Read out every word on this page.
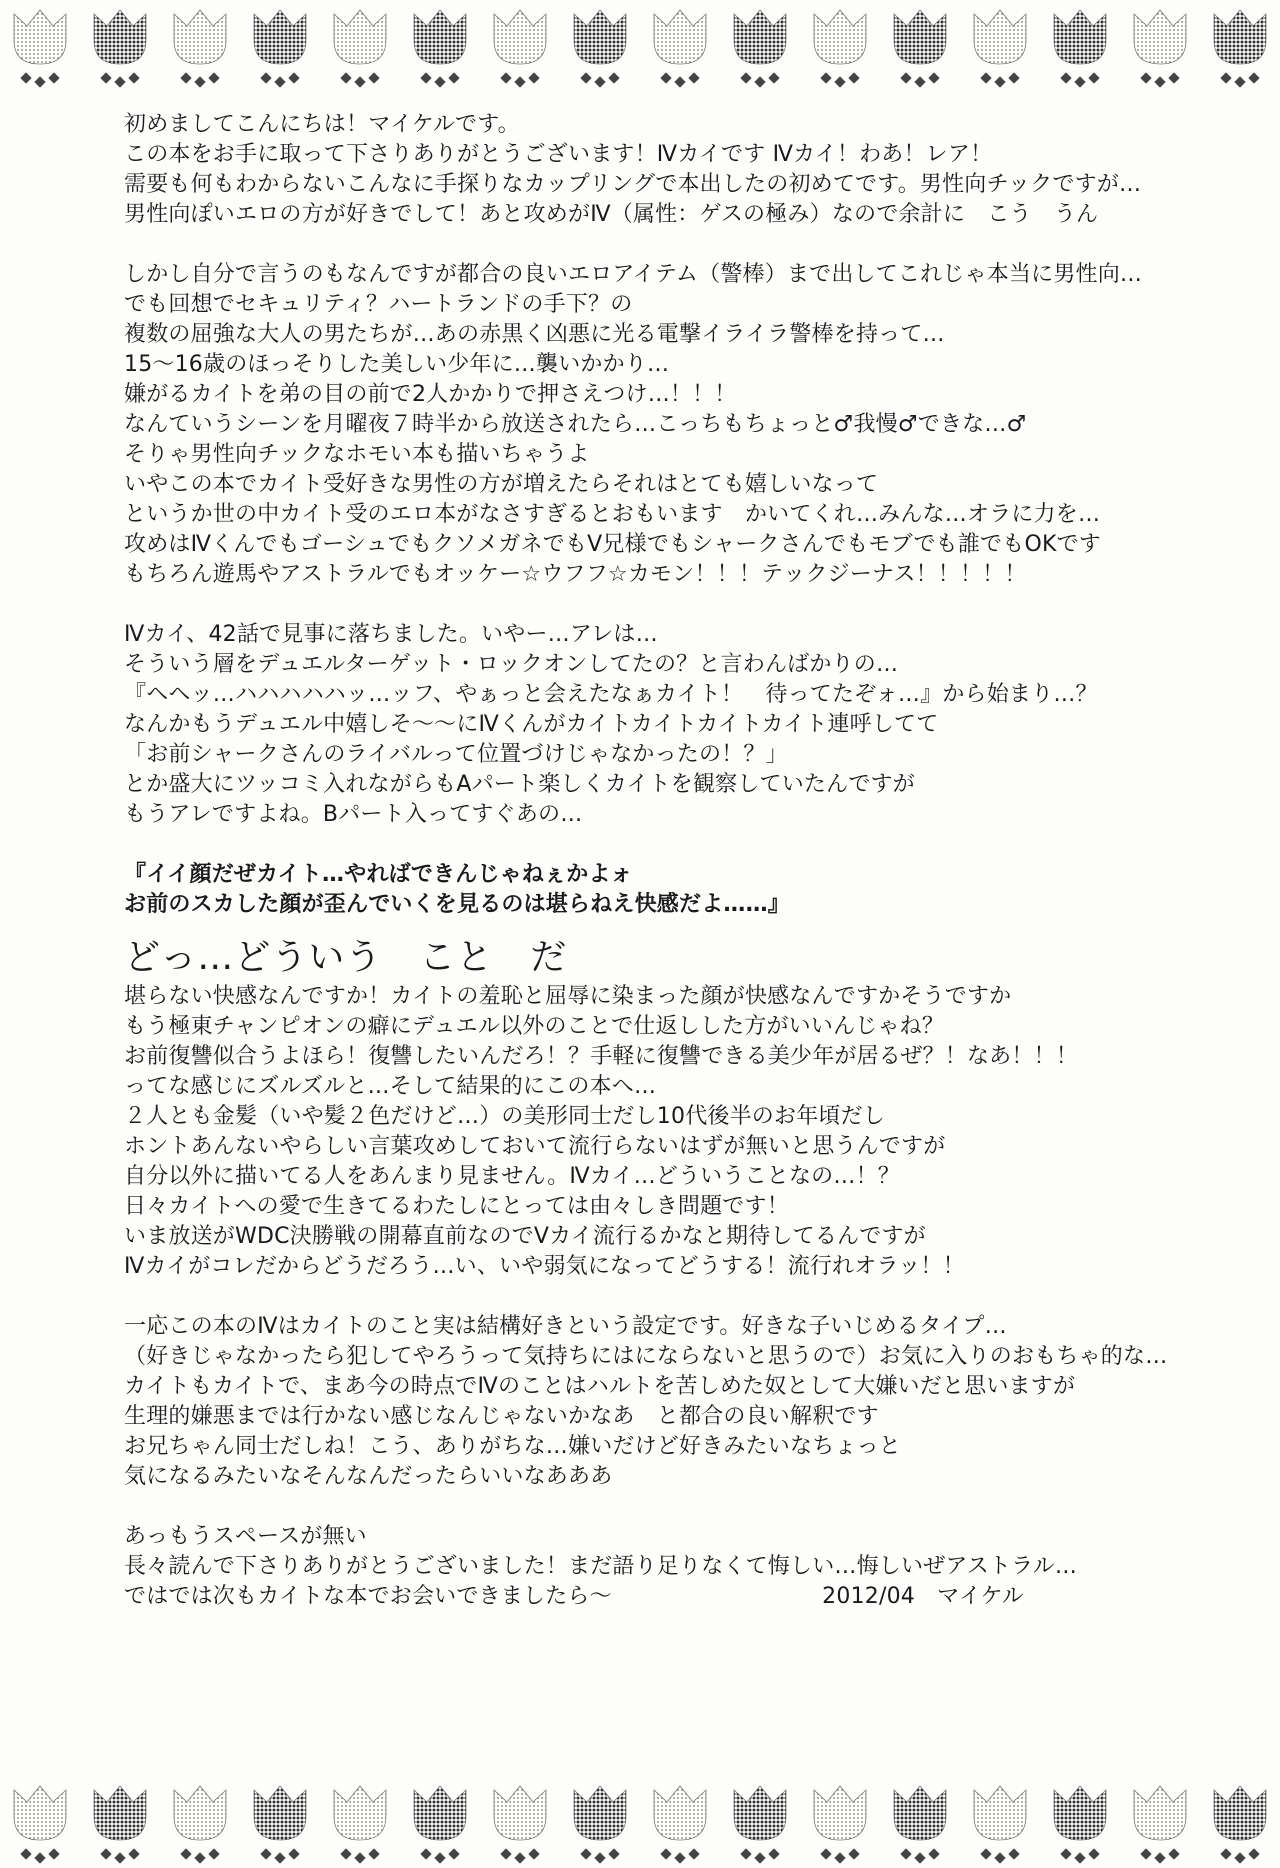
初めましてこんにちは！マイケルです。
この本をお手に取って下さりありがとうございます！Ⅳカイです Ⅳカイ！わあ！レア！
需要も何もわからないこんなに手探りなカップリングで本出したの初めてです。男性向チックですが…
男性向ぽいエロの方が好きでして！あと攻めがⅣ（属性：ゲスの極み）なので余計に　こう　うん
しかし自分で言うのもなんですが都合の良いエロアイテム（警棒）まで出してこれじゃ本当に男性向…
でも回想でセキュリティ？ハートランドの手下？の
複数の屈強な大人の男たちが…あの赤黒く凶悪に光る電撃イライラ警棒を持って…
15～16歳のほっそりした美しい少年に…襲いかかり…
嫌がるカイトを弟の目の前で2人かかりで押さえつけ…！！！
なんていうシーンを月曜夜７時半から放送されたら…こっちもちょっと♂我慢♂できな…♂
そりゃ男性向チックなホモい本も描いちゃうよ
いやこの本でカイト受好きな男性の方が増えたらそれはとても嬉しいなって
というか世の中カイト受のエロ本がなさすぎるとおもいます　かいてくれ…みんな…オラに力を…
攻めはⅣくんでもゴーシュでもクソメガネでもV兄様でもシャークさんでもモブでも誰でもOKです
もちろん遊馬やアストラルでもオッケー☆ウフフ☆カモン！！！テックジーナス！！！！！
Ⅳカイ、42話で見事に落ちました。いやー…アレは…
そういう層をデュエルターゲット・ロックオンしてたの？と言わんばかりの…
『ヘヘッ…ハハハハハッ…ッフ、やぁっと会えたなぁカイト！　待ってたぞォ…』から始まり…？
なんかもうデュエル中嬉しそ～～にⅣくんがカイトカイトカイトカイト連呼してて
「お前シャークさんのライバルって位置づけじゃなかったの！？」
とか盛大にツッコミ入れながらもAパート楽しくカイトを観察していたんですが
もうアレですよね。Bパート入ってすぐあの…
『イイ顔だぜカイト…やればできんじゃねぇかよォ
お前のスカした顔が歪んでいくを見るのは堪らねえ快感だよ……』
どっ…どういう　こと　だ
堪らない快感なんですか！カイトの羞恥と屈辱に染まった顔が快感なんですかそうですか
もう極東チャンピオンの癖にデュエル以外のことで仕返しした方がいいんじゃね？
お前復讐似合うよほら！復讐したいんだろ！？手軽に復讐できる美少年が居るぜ？！なあ！！！
ってな感じにズルズルと…そして結果的にこの本へ…
２人とも金髪（いや髪２色だけど…）の美形同士だし10代後半のお年頃だし
ホントあんないやらしい言葉攻めしておいて流行らないはずが無いと思うんですが
自分以外に描いてる人をあんまり見ません。Ⅳカイ…どういうことなの…！？
日々カイトへの愛で生きてるわたしにとっては由々しき問題です！
いま放送がWDC決勝戦の開幕直前なのでVカイ流行るかなと期待してるんですが
Ⅳカイがコレだからどうだろう…い、いや弱気になってどうする！流行れオラッ！！
一応この本のⅣはカイトのこと実は結構好きという設定です。好きな子いじめるタイプ…
（好きじゃなかったら犯してやろうって気持ちにはにならないと思うので）お気に入りのおもちゃ的な…
カイトもカイトで、まあ今の時点でⅣのことはハルトを苦しめた奴として大嫌いだと思いますが
生理的嫌悪までは行かない感じなんじゃないかなあ　と都合の良い解釈です
お兄ちゃん同士だしね！こう、ありがちな…嫌いだけど好きみたいなちょっと
気になるみたいなそんなんだったらいいなあああ
あっもうスペースが無い
長々読んで下さりありがとうございました！まだ語り足りなくて悔しい…悔しいぜアストラル…
ではでは次もカイトな本でお会いできましたら～	2012/04　マイケル
